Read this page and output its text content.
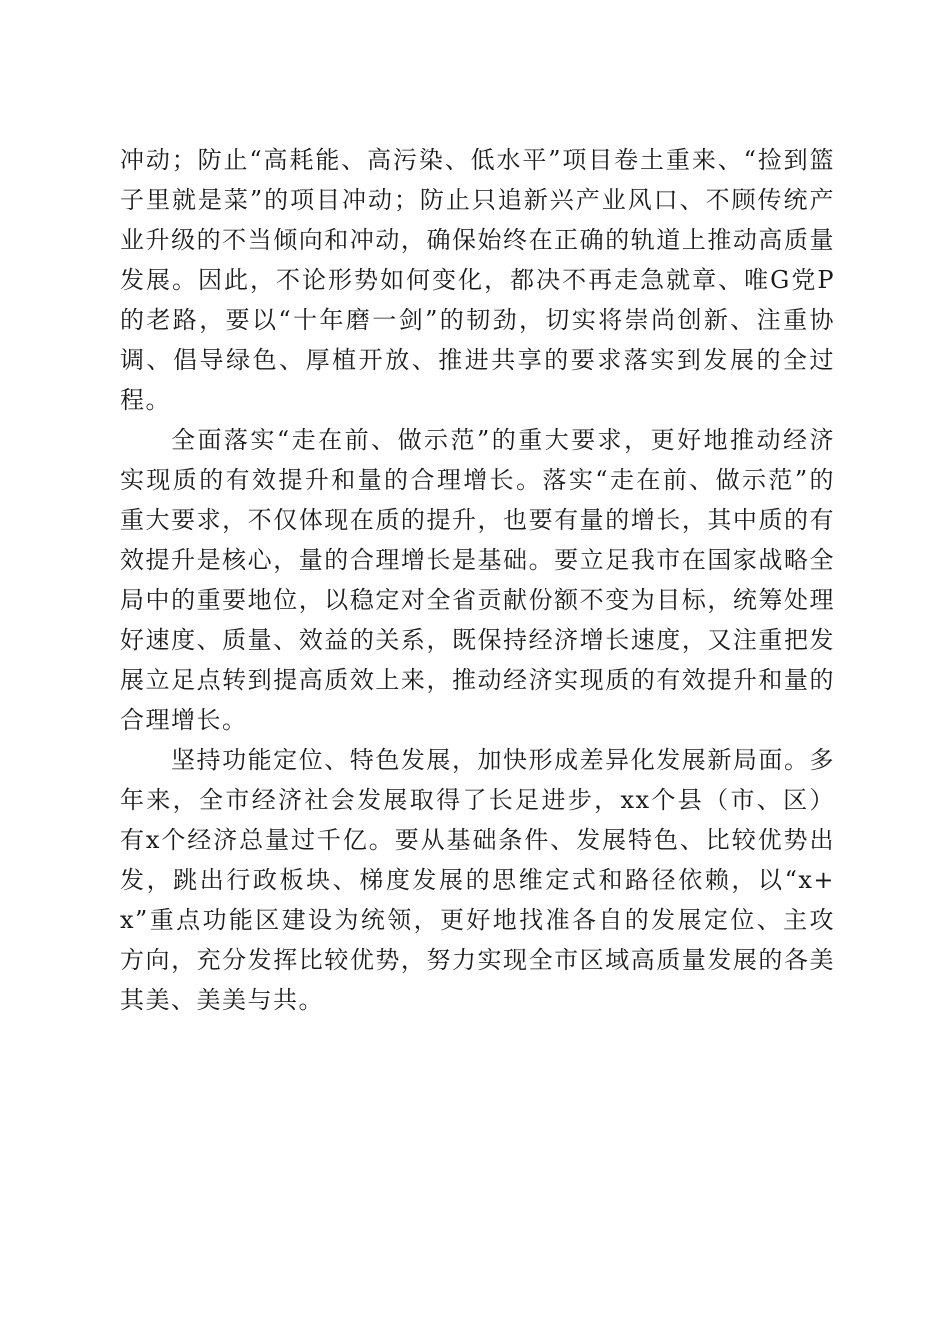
冲动；防止“高耗能、高污染、低水平”项目卷土重来、“捡到篮子里就是菜”的项目冲动；防止只追新兴产业风口、不顾传统产业升级的不当倾向和冲动，确保始终在正确的轨道上推动高质量发展。因此，不论形势如何变化，都决不再走急就章、唯G党P的老路，要以“十年磨一剑”的韧劲，切实将崇尚创新、注重协调、倡导绿色、厚植开放、推进共享的要求落实到发展的全过程。

全面落实“走在前、做示范”的重大要求，更好地推动经济实现质的有效提升和量的合理增长。落实“走在前、做示范”的重大要求，不仅体现在质的提升，也要有量的增长，其中质的有效提升是核心，量的合理增长是基础。要立足我市在国家战略全局中的重要地位，以稳定对全省贡献份额不变为目标，统筹处理好速度、质量、效益的关系，既保持经济增长速度，又注重把发展立足点转到提高质效上来，推动经济实现质的有效提升和量的合理增长。

坚持功能定位、特色发展，加快形成差异化发展新局面。多年来，全市经济社会发展取得了长足进步，xx个县（市、区）有x个经济总量过千亿。要从基础条件、发展特色、比较优势出发，跳出行政板块、梯度发展的思维定式和路径依赖，以“x+x”重点功能区建设为统领，更好地找准各自的发展定位、主攻方向，充分发挥比较优势，努力实现全市区域高质量发展的各美其美、美美与共。
